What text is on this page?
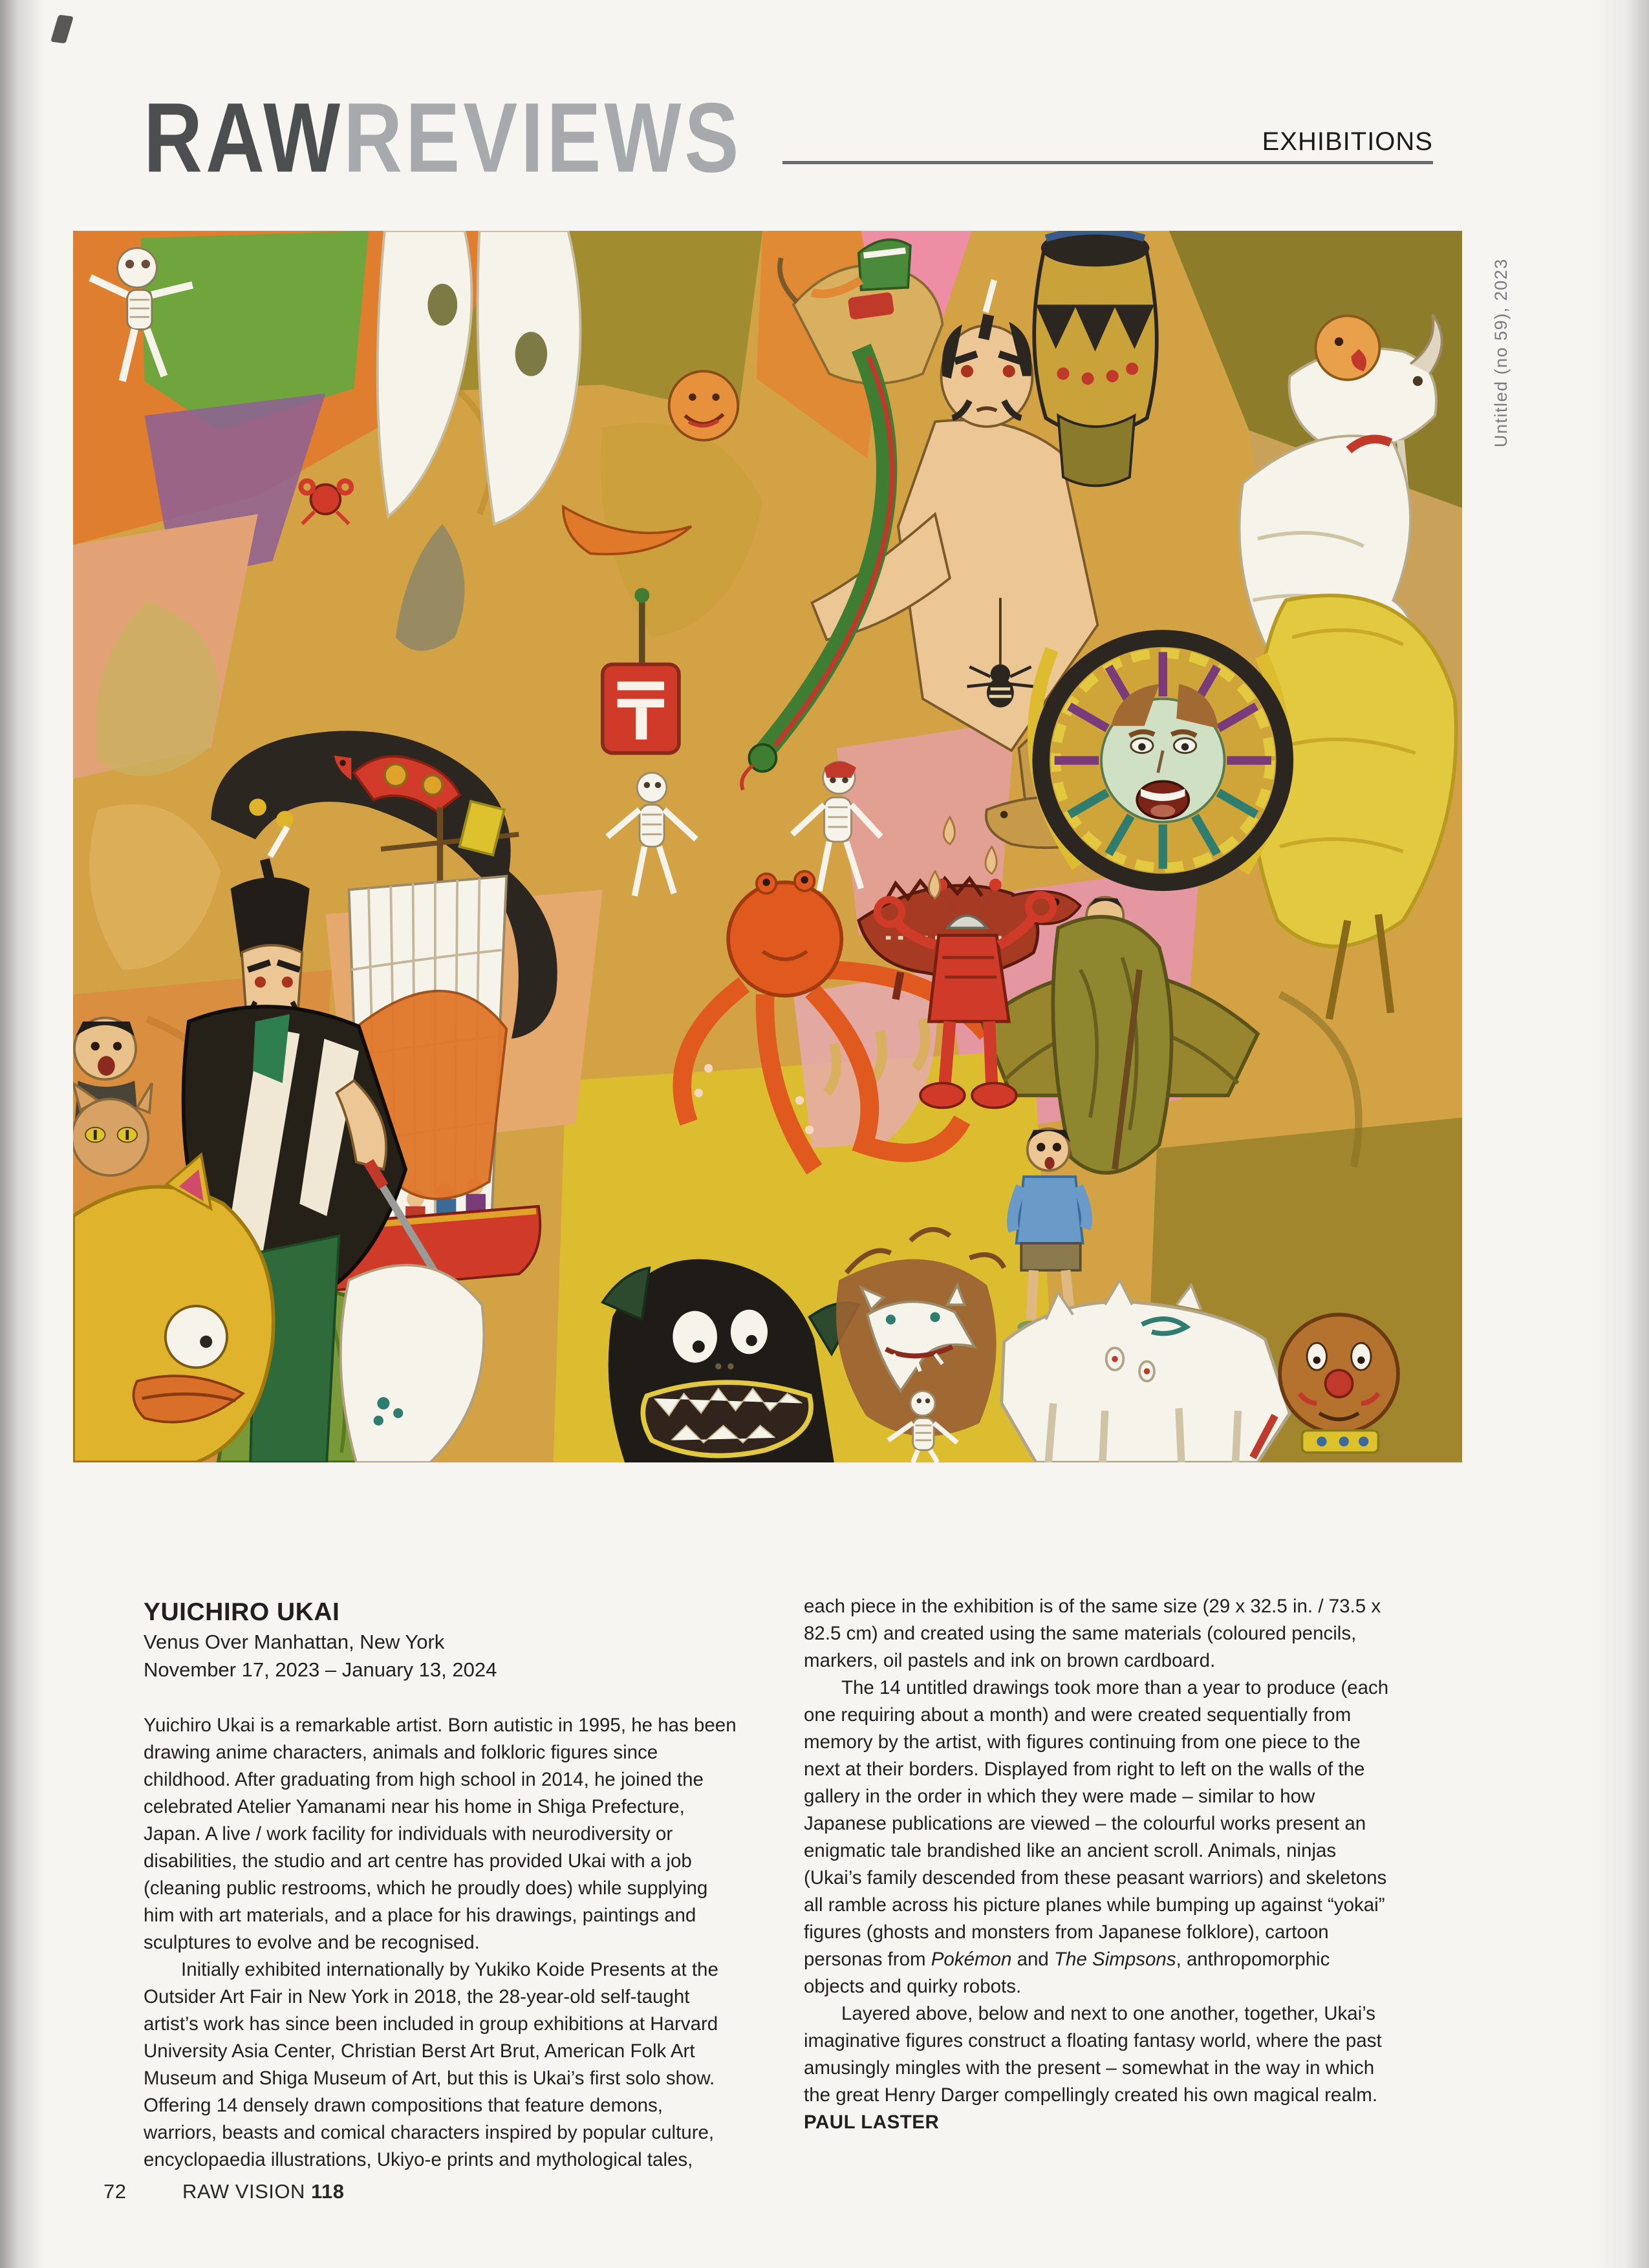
RAWREVIEWS	EXHIBITIONS
Untitled (no 59), 2023
YUICHIRO UKAI

Venus Over Manhattan, New York

November 17, 2023 – January 13, 2024

Yuichiro Ukai is a remarkable artist. Born autistic in 1995, he has been drawing anime characters, animals and folkloric figures since childhood. After graduating from high school in 2014, he joined the celebrated Atelier Yamanami near his home in Shiga Prefecture, Japan. A live / work facility for individuals with neurodiversity or disabilities, the studio and art centre has provided Ukai with a job (cleaning public restrooms, which he proudly does) while supplying him with art materials, and a place for his drawings, paintings and sculptures to evolve and be recognised.

Initially exhibited internationally by Yukiko Koide Presents at the Outsider Art Fair in New York in 2018, the 28-year-old self-taught artist’s work has since been included in group exhibitions at Harvard University Asia Center, Christian Berst Art Brut, American Folk Art Museum and Shiga Museum of Art, but this is Ukai’s first solo show. Offering 14 densely drawn compositions that feature demons, warriors, beasts and comical characters inspired by popular culture, encyclopaedia illustrations, Ukiyo-e prints and mythological tales,

each piece in the exhibition is of the same size (29 x 32.5 in. / 73.5 x 82.5 cm) and created using the same materials (coloured pencils, markers, oil pastels and ink on brown cardboard.

The 14 untitled drawings took more than a year to produce (each one requiring about a month) and were created sequentially from memory by the artist, with figures continuing from one piece to the next at their borders. Displayed from right to left on the walls of the gallery in the order in which they were made – similar to how Japanese publications are viewed – the colourful works present an enigmatic tale brandished like an ancient scroll. Animals, ninjas (Ukai’s family descended from these peasant warriors) and skeletons all ramble across his picture planes while bumping up against “yokai” figures (ghosts and monsters from Japanese folklore), cartoon personas from Pokémon and The Simpsons, anthropomorphic objects and quirky robots.

Layered above, below and next to one another, together, Ukai’s imaginative figures construct a floating fantasy world, where the past amusingly mingles with the present – somewhat in the way in which the great Henry Darger compellingly created his own magical realm.

PAUL LASTER

72	RAW VISION 118
